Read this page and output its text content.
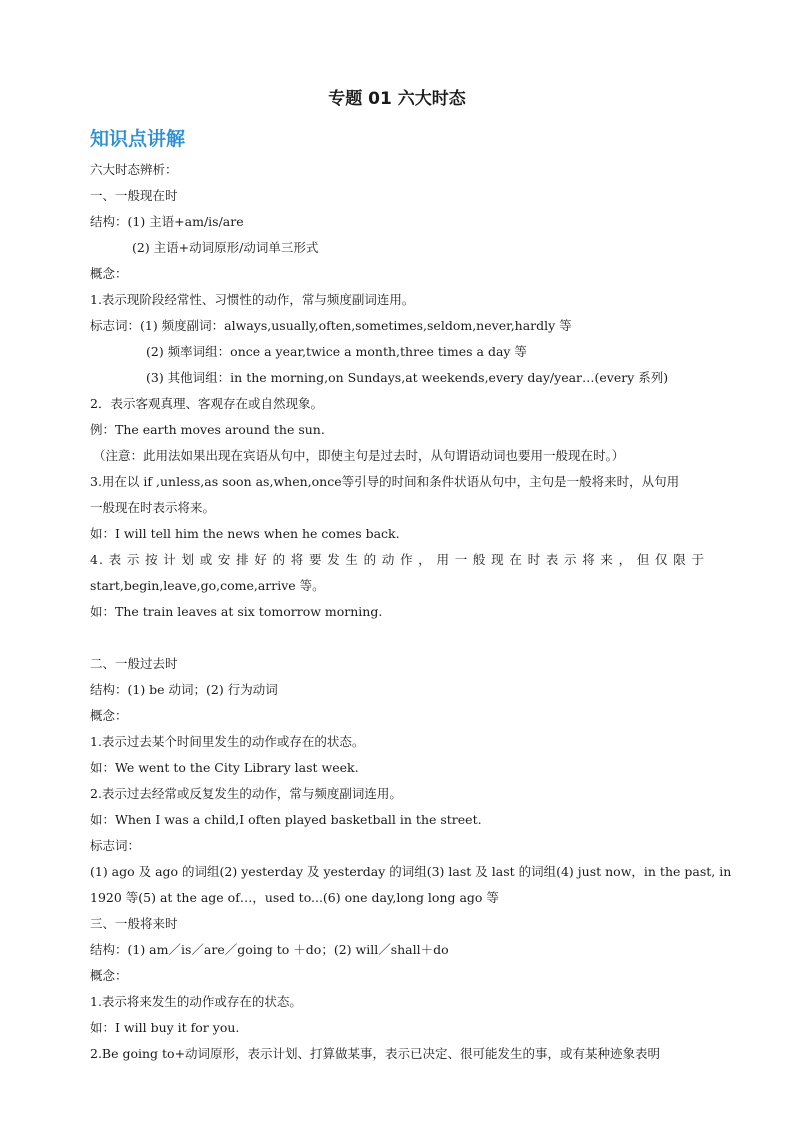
专题 01 六大时态
知识点讲解
六大时态辨析：
一、一般现在时
结构：(1) 主语+am/is/are
(2) 主语+动词原形/动词单三形式
概念：
1.表示现阶段经常性、习惯性的动作，常与频度副词连用。
标志词：(1) 频度副词：always,usually,often,sometimes,seldom,never,hardly 等
(2) 频率词组：once a year,twice a month,three times a day 等
(3) 其他词组：in the morning,on Sundays,at weekends,every day/year…(every 系列)
2．表示客观真理、客观存在或自然现象。
例：The earth moves around the sun.
（注意：此用法如果出现在宾语从句中，即使主句是过去时，从句谓语动词也要用一般现在时。）
3.用在以 if ,unless,as soon as,when,once等引导的时间和条件状语从句中，主句是一般将来时，从句用
一般现在时表示将来。
如：I will tell him the news when he comes back.
4.表示按计划或安排好的将要发生的动作，用一般现在时表示将来，但仅限于
start,begin,leave,go,come,arrive 等。
如：The train leaves at six tomorrow morning.
二、一般过去时
结构：(1) be 动词；(2) 行为动词
概念：
1.表示过去某个时间里发生的动作或存在的状态。
如：We went to the City Library last week.
2.表示过去经常或反复发生的动作，常与频度副词连用。
如：When I was a child,I often played basketball in the street.
标志词：
(1) ago 及 ago 的词组(2) yesterday 及 yesterday 的词组(3) last 及 last 的词组(4) just now，in the past, in
1920 等(5) at the age of…，used to...(6) one day,long long ago 等
三、一般将来时
结构：(1) am／is／are／going to ＋do；(2) will／shall＋do
概念：
1.表示将来发生的动作或存在的状态。
如：I will buy it for you.
2.Be going to+动词原形，表示计划、打算做某事，表示已决定、很可能发生的事，或有某种迹象表明
